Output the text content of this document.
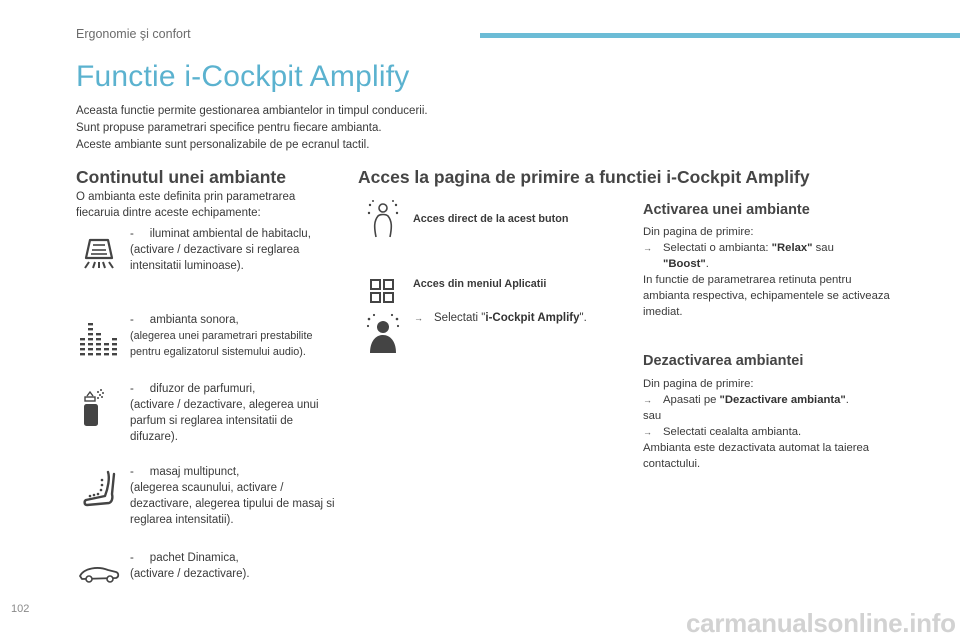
Ergonomie şi confort
Functie i-Cockpit Amplify
Aceasta functie permite gestionarea ambiantelor in timpul conducerii.
Sunt propuse parametrari specifice pentru fiecare ambianta.
Aceste ambiante sunt personalizabile de pe ecranul tactil.
Continutul unei ambiante
O ambianta este definita prin parametrarea fiecaruia dintre aceste echipamente:
-     iluminat ambiental de habitaclu,
(activare / dezactivare si reglarea intensitatii luminoase).
-     ambianta sonora,
(alegerea unei parametrari prestabilite pentru egalizatorul sistemului audio).
-     difuzor de parfumuri,
(activare / dezactivare, alegerea unui parfum si reglarea intensitatii de difuzare).
-     masaj multipunct,
(alegerea scaunului, activare / dezactivare, alegerea tipului de masaj si reglarea intensitatii).
-     pachet Dinamica,
(activare / dezactivare).
Acces la pagina de primire a functiei i-Cockpit Amplify
Acces direct de la acest buton
Acces din meniul Aplicatii
→ Selectati "i-Cockpit Amplify".
Activarea unei ambiante
Din pagina de primire:
→ Selectati o ambianta: "Relax" sau
"Boost".
In functie de parametrarea retinuta pentru ambianta respectiva, echipamentele se activeaza imediat.
Dezactivarea ambiantei
Din pagina de primire:
→ Apasati pe "Dezactivare ambianta".
sau
→ Selectati cealalta ambianta.
Ambianta este dezactivata automat la taierea contactului.
102	carmanualsonline.info
